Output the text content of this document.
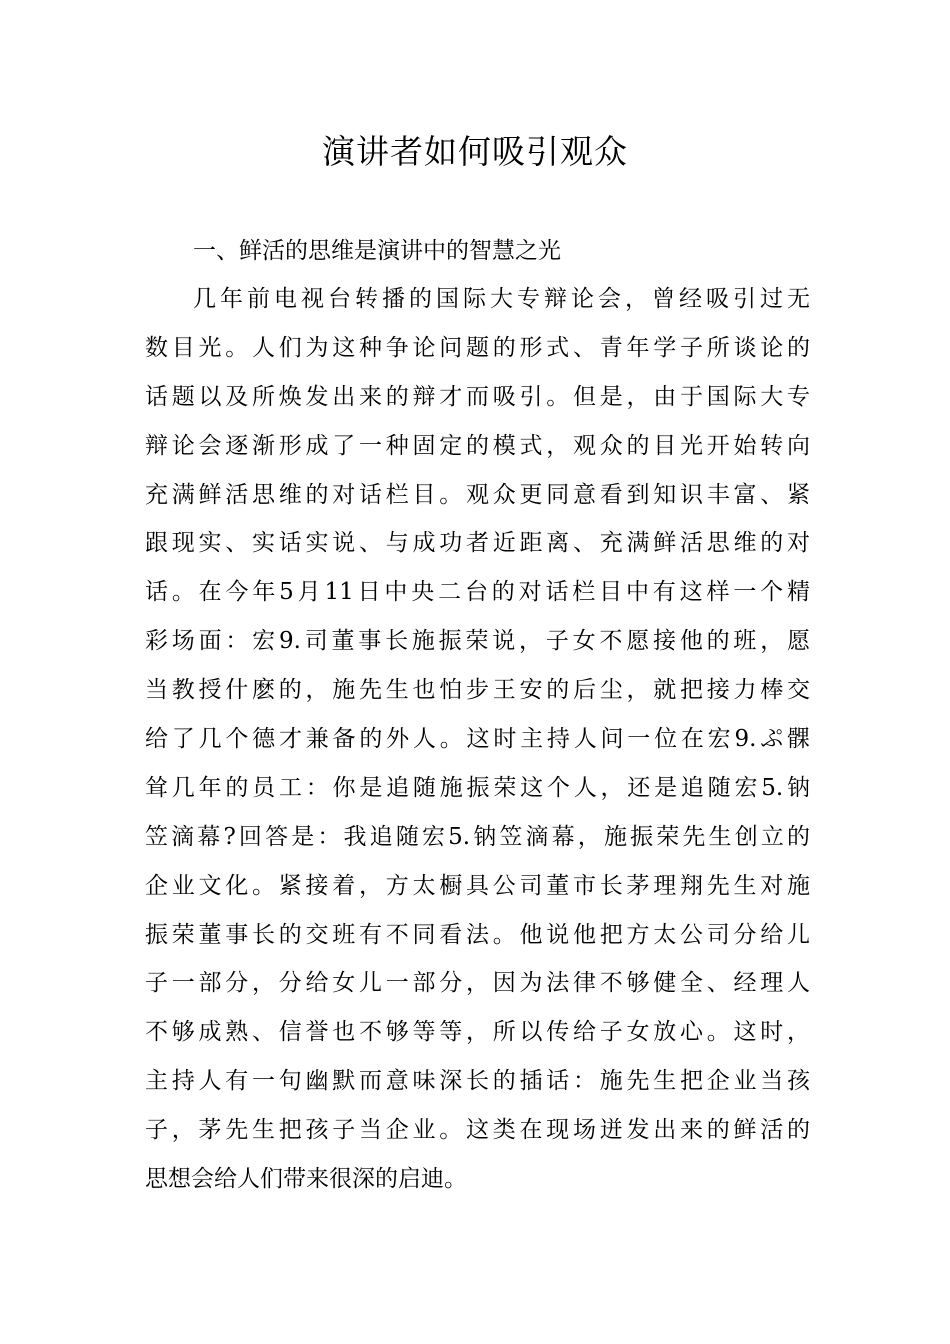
演讲者如何吸引观众
一、鲜活的思维是演讲中的智慧之光
几年前电视台转播的国际大专辩论会，曾经吸引过无
数目光。人们为这种争论问题的形式、青年学子所谈论的
话题以及所焕发出来的辩才而吸引。但是，由于国际大专
辩论会逐渐形成了一种固定的模式，观众的目光开始转向
充满鲜活思维的对话栏目。观众更同意看到知识丰富、紧
跟现实、实话实说、与成功者近距离、充满鲜活思维的对
话。在今年5月11日中央二台的对话栏目中有这样一个精
彩场面：宏9.司董事长施振荣说，子女不愿接他的班，愿
当教授什麽的，施先生也怕步王安的后尘，就把接力棒交
给了几个德才兼备的外人。这时主持人问一位在宏9.ぷ髁
耸几年的员工：你是追随施振荣这个人，还是追随宏5.钠
笠滴幕?回答是：我追随宏5.钠笠滴幕，施振荣先生创立的
企业文化。紧接着，方太橱具公司董市长茅理翔先生对施
振荣董事长的交班有不同看法。他说他把方太公司分给儿
子一部分，分给女儿一部分，因为法律不够健全、经理人
不够成熟、信誉也不够等等，所以传给子女放心。这时，
主持人有一句幽默而意味深长的插话：施先生把企业当孩
子，茅先生把孩子当企业。这类在现场迸发出来的鲜活的
思想会给人们带来很深的启迪。
